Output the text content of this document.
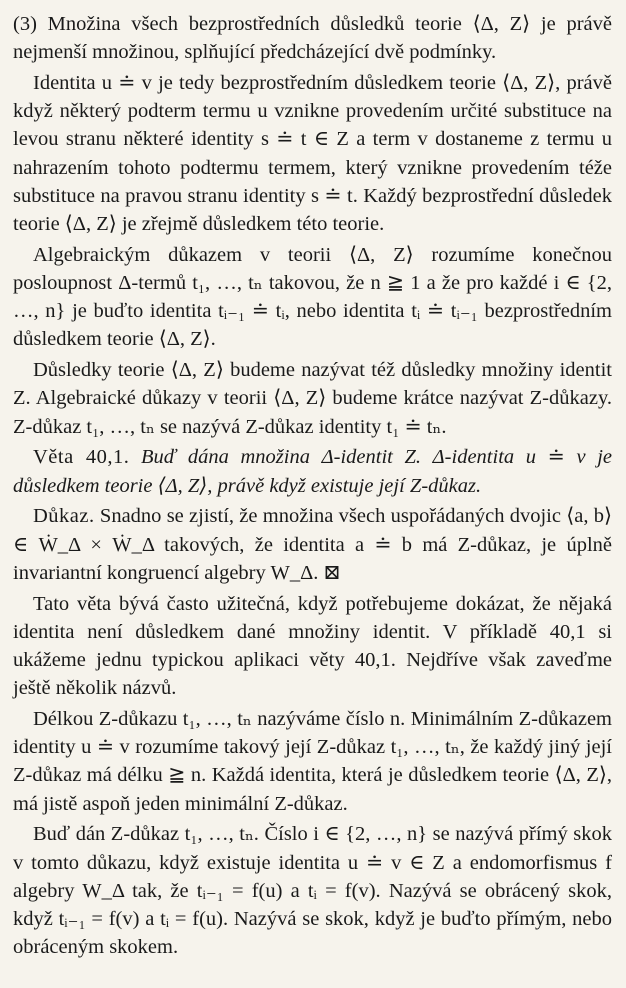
(3) Množina všech bezprostředních důsledků teorie ⟨Δ, Z⟩ je právě nejmenší množinou, splňující předcházející dvě podmínky.

Identita u ≐ v je tedy bezprostředním důsledkem teorie ⟨Δ, Z⟩, právě když některý podterm termu u vznikne provedením určité substituce na levou stranu některé identity s ≐ t ∈ Z a term v dostaneme z termu u nahrazením tohoto podtermu termem, který vznikne provedením téže substituce na pravou stranu identity s ≐ t. Každý bezprostřední důsledek teorie ⟨Δ, Z⟩ je zřejmě důsledkem této teorie.

Algebraickým důkazem v teorii ⟨Δ, Z⟩ rozumíme konečnou posloupnost Δ-termů t₁, …, tₙ takovou, že n ≧ 1 a že pro každé i ∈ {2, …, n} je buďto identita tᵢ₋₁ ≐ tᵢ, nebo identita tᵢ ≐ tᵢ₋₁ bezprostředním důsledkem teorie ⟨Δ, Z⟩.

Důsledky teorie ⟨Δ, Z⟩ budeme nazývat též důsledky množiny identit Z. Algebraické důkazy v teorii ⟨Δ, Z⟩ budeme krátce nazývat Z-důkazy. Z-důkaz t₁, …, tₙ se nazývá Z-důkaz identity t₁ ≐ tₙ.

Věta 40,1. Buď dána množina Δ-identit Z. Δ-identita u ≐ v je důsledkem teorie ⟨Δ, Z⟩, právě když existuje její Z-důkaz.

Důkaz. Snadno se zjistí, že množina všech uspořádaných dvojic ⟨a, b⟩ ∈ Ẇ_Δ × Ẇ_Δ takových, že identita a ≐ b má Z-důkaz, je úplně invariantní kongruencí algebry W_Δ. ⊠

Tato věta bývá často užitečná, když potřebujeme dokázat, že nějaká identita není důsledkem dané množiny identit. V příkladě 40,1 si ukážeme jednu typickou aplikaci věty 40,1. Nejdříve však zaveďme ještě několik názvů.

Délkou Z-důkazu t₁, …, tₙ nazýváme číslo n. Minimálním Z-důkazem identity u ≐ v rozumíme takový její Z-důkaz t₁, …, tₙ, že každý jiný její Z-důkaz má délku ≧ n. Každá identita, která je důsledkem teorie ⟨Δ, Z⟩, má jistě aspoň jeden minimální Z-důkaz.

Buď dán Z-důkaz t₁, …, tₙ. Číslo i ∈ {2, …, n} se nazývá přímý skok v tomto důkazu, když existuje identita u ≐ v ∈ Z a endomorfismus f algebry W_Δ tak, že tᵢ₋₁ = f(u) a tᵢ = f(v). Nazývá se obrácený skok, když tᵢ₋₁ = f(v) a tᵢ = f(u). Nazývá se skok, když je buďto přímým, nebo obráceným skokem.
